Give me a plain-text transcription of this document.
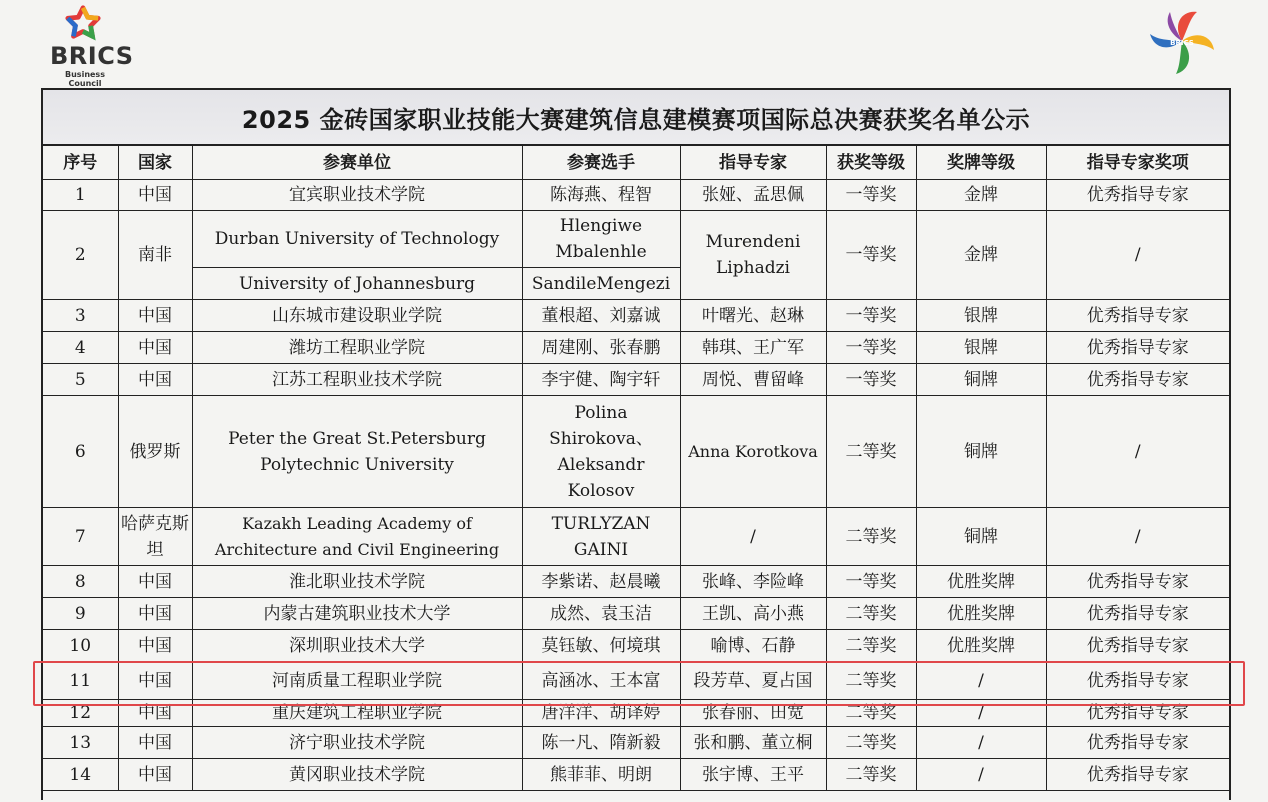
BRICS
Business Council
BRICS
2025 金砖国家职业技能大赛建筑信息建模赛项国际总决赛获奖名单公示
序号	国家	参赛单位	参赛选手	指导专家	获奖等级	奖牌等级	指导专家奖项
1	中国	宜宾职业技术学院	陈海燕、程智	张娅、孟思佩	一等奖	金牌	优秀指导专家
2	南非	Durban University of Technology	Hlengiwe Mbalenhle	Murendeni Liphadzi	一等奖	金牌	/
		University of Johannesburg	SandileMengezi				
3	中国	山东城市建设职业学院	董根超、刘嘉诚	叶曙光、赵琳	一等奖	银牌	优秀指导专家
4	中国	潍坊工程职业学院	周建刚、张春鹏	韩琪、王广军	一等奖	银牌	优秀指导专家
5	中国	江苏工程职业技术学院	李宇健、陶宇轩	周悦、曹留峰	一等奖	铜牌	优秀指导专家
6	俄罗斯	Peter the Great St.Petersburg Polytechnic University	Polina Shirokova、Aleksandr Kolosov	Anna Korotkova	二等奖	铜牌	/
7	哈萨克斯坦	Kazakh Leading Academy of Architecture and Civil Engineering	TURLYZAN GAINI	/	二等奖	铜牌	/
8	中国	淮北职业技术学院	李紫诺、赵晨曦	张峰、李险峰	一等奖	优胜奖牌	优秀指导专家
9	中国	内蒙古建筑职业技术大学	成然、袁玉洁	王凯、高小燕	二等奖	优胜奖牌	优秀指导专家
10	中国	深圳职业技术大学	莫钰敏、何境琪	喻博、石静	二等奖	优胜奖牌	优秀指导专家
11	中国	河南质量工程职业学院	高涵冰、王本富	段芳草、夏占国	二等奖	/	优秀指导专家
12	中国	重庆建筑工程职业学院	唐洋洋、胡译婷	张春丽、田宽	二等奖	/	优秀指导专家
13	中国	济宁职业技术学院	陈一凡、隋新毅	张和鹏、董立桐	二等奖	/	优秀指导专家
14	中国	黄冈职业技术学院	熊菲菲、明朗	张宇博、王平	二等奖	/	优秀指导专家
